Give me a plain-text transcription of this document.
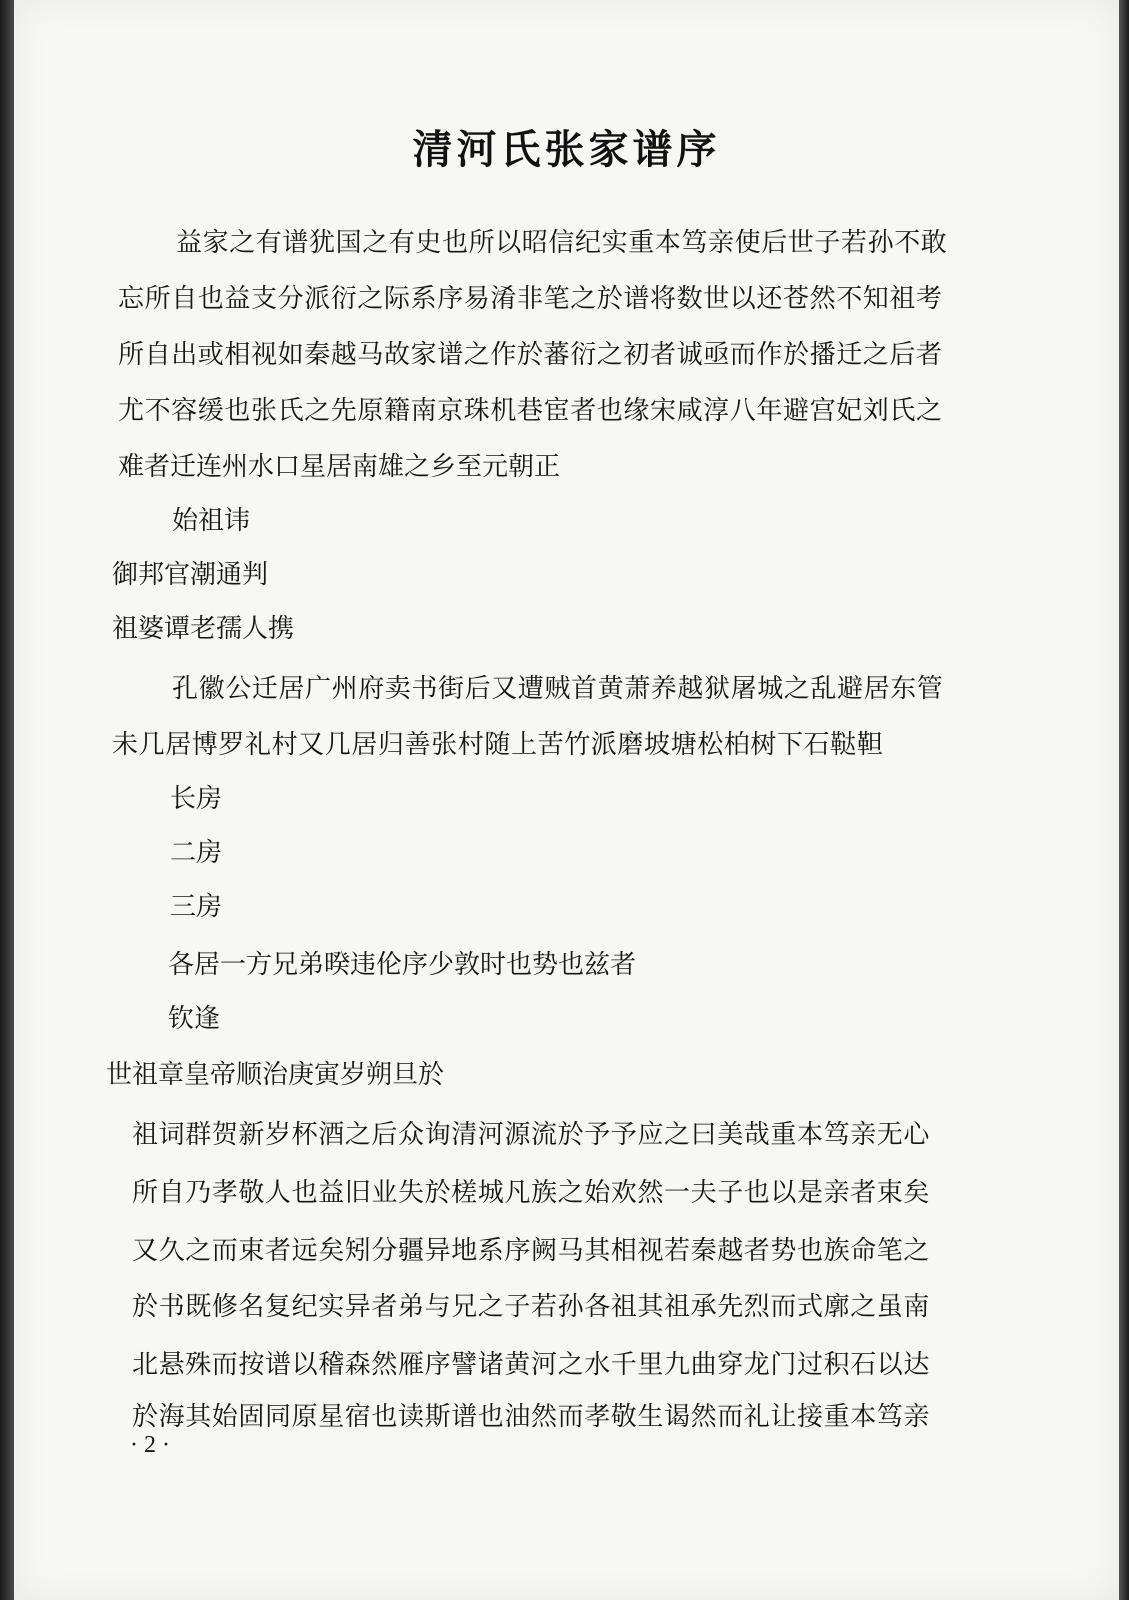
清河氏张家谱序
益家之有谱犹国之有史也所以昭信纪实重本笃亲使后世子若孙不敢
忘所自也益支分派衍之际系序易淆非笔之於谱将数世以还苍然不知祖考
所自出或相视如秦越马故家谱之作於蕃衍之初者诚亟而作於播迁之后者
尤不容缓也张氏之先原籍南京珠机巷宦者也缘宋咸淳八年避宫妃刘氏之
难者迁连州水口星居南雄之乡至元朝正
始祖讳
御邦官潮通判
祖婆谭老孺人携
孔徽公迁居广州府卖书街后又遭贼首黄萧养越狱屠城之乱避居东管
未几居博罗礼村又几居归善张村随上苦竹派磨坡塘松柏树下石鞑靼
长房
二房
三房
各居一方兄弟暌违伦序少敦时也势也兹者
钦逢
世祖章皇帝顺治庚寅岁朔旦於
祖词群贺新岁杯酒之后众询清河源流於予予应之曰美哉重本笃亲无心
所自乃孝敬人也益旧业失於槎城凡族之始欢然一夫子也以是亲者束矣
又久之而束者远矣矧分疆异地系序阙马其相视若秦越者势也族命笔之
於书既修名复纪实异者弟与兄之子若孙各祖其祖承先烈而式廓之虽南
北悬殊而按谱以稽森然雁序譬诸黄河之水千里九曲穿龙门过积石以达
於海其始固同原星宿也读斯谱也油然而孝敬生谒然而礼让接重本笃亲
· 2 ·
